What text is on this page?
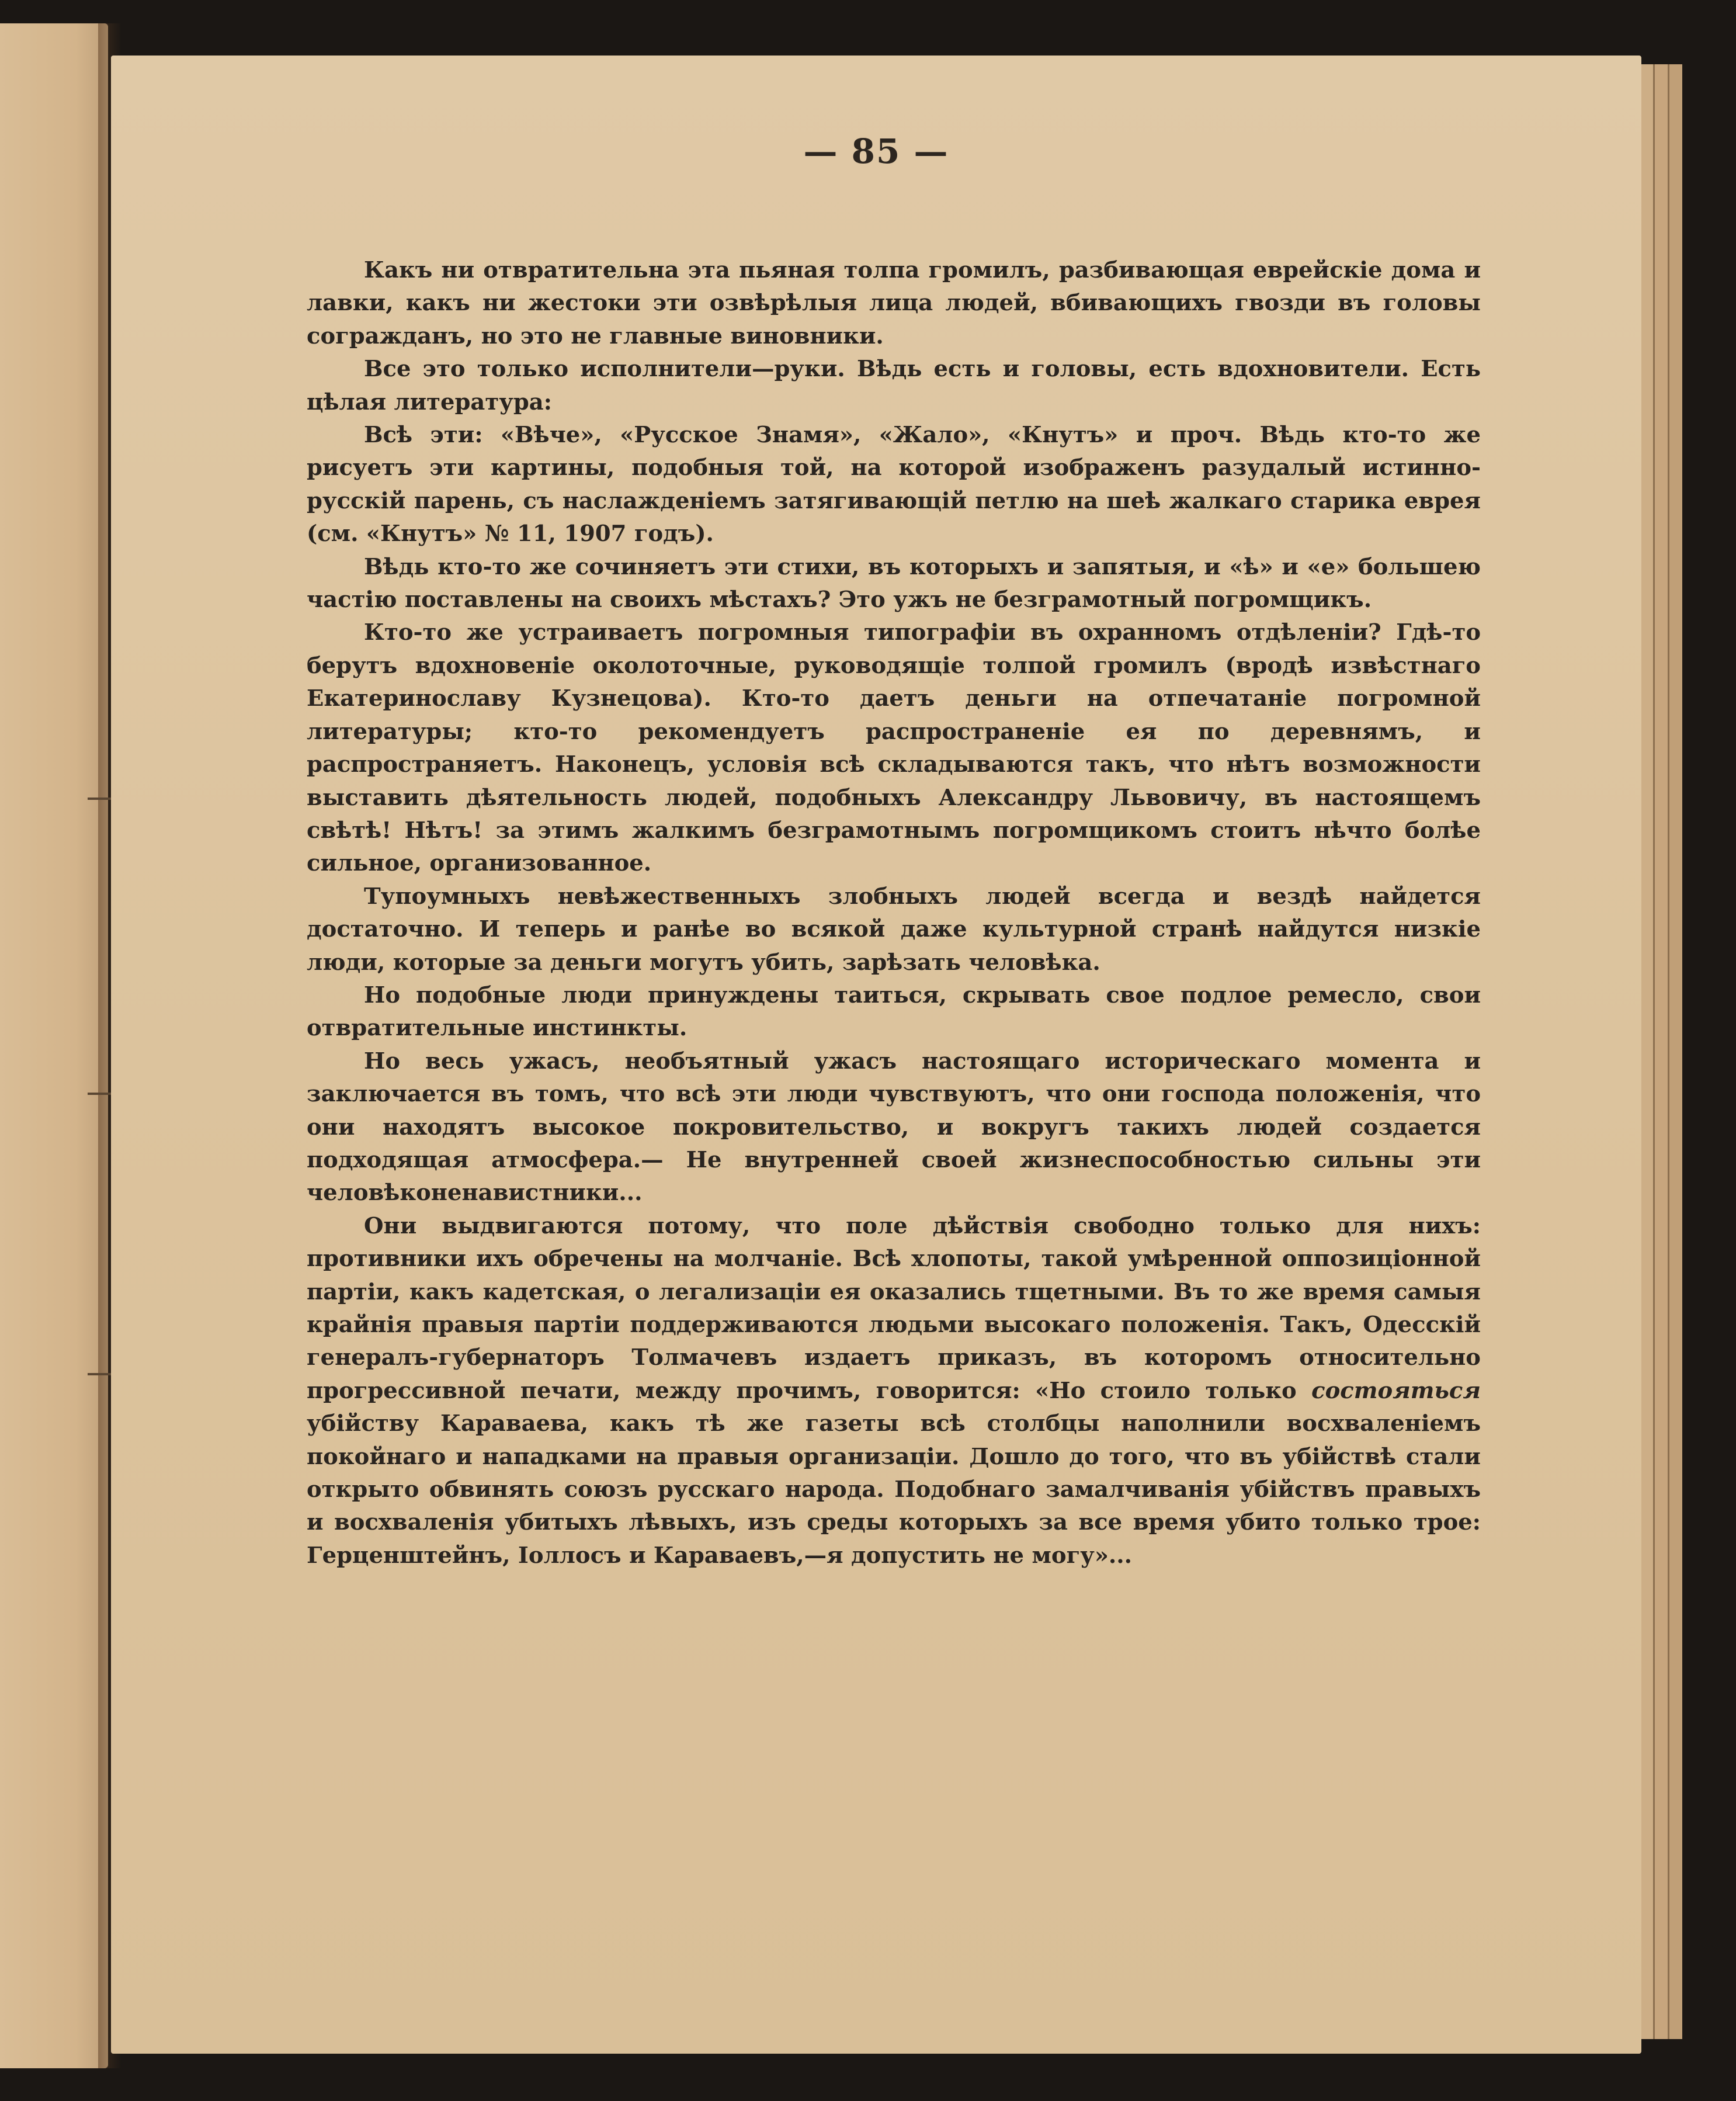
— 85 —

Какъ ни отвратительна эта пьяная толпа громилъ, разбивающая еврейскiе дома и лавки, какъ ни жестоки эти озвѣрѣлыя лица людей, вбивающихъ гвозди въ головы согражданъ, но это не главные виновники.

Все это только исполнители—руки. Вѣдь есть и головы, есть вдохновители. Есть цѣлая литература:

Всѣ эти: «Вѣче», «Русское Знамя», «Жало», «Кнутъ» и проч. Вѣдь кто-то же рисуетъ эти картины, подобныя той, на которой изображенъ разудалый истинно-русскiй парень, съ наслажденiемъ затягивающiй петлю на шеѣ жалкаго старика еврея (см. «Кнутъ» № 11, 1907 годъ).

Вѣдь кто-то же сочиняетъ эти стихи, въ которыхъ и запятыя, и «ѣ» и «е» большею частiю поставлены на своихъ мѣстахъ? Это ужъ не безграмотный погромщикъ.

Кто-то же устраиваетъ погромныя типографiи въ охранномъ отдѣленiи? Гдѣ-то берутъ вдохновенiе околоточные, руководящiе толпой громилъ (вродѣ извѣстнаго Екатеринославу Кузнецова). Кто-то даетъ деньги на отпечатанiе погромной литературы; кто-то рекомендуетъ распространенiе ея по деревнямъ, и распространяетъ. Наконецъ, условiя всѣ складываются такъ, что нѣтъ возможности выставить дѣятельность людей, подобныхъ Александру Львовичу, въ настоящемъ свѣтѣ! Нѣтъ! за этимъ жалкимъ безграмотнымъ погромщикомъ стоитъ нѣчто болѣе сильное, организованное.

Тупоумныхъ невѣжественныхъ злобныхъ людей всегда и вездѣ найдется достаточно. И теперь и ранѣе во всякой даже культурной странѣ найдутся низкiе люди, которые за деньги могутъ убить, зарѣзать человѣка.

Но подобные люди принуждены таиться, скрывать свое подлое ремесло, свои отвратительные инстинкты.

Но весь ужасъ, необъятный ужасъ настоящаго историческаго момента и заключается въ томъ, что всѣ эти люди чувствуютъ, что они господа положенiя, что они находятъ высокое покровительство, и вокругъ такихъ людей создается подходящая атмосфера.— Не внутренней своей жизнеспособностью сильны эти человѣконенавистники...

Они выдвигаются потому, что поле дѣйствiя свободно только для нихъ: противники ихъ обречены на молчанiе. Всѣ хлопоты, такой умѣренной оппозицiонной партiи, какъ кадетская, о легализацiи ея оказались тщетными. Въ то же время самыя крайнiя правыя партiи поддерживаются людьми высокаго положенiя. Такъ, Одесскiй генералъ-губернаторъ Толмачевъ издаетъ приказъ, въ которомъ относительно прогрессивной печати, между прочимъ, говорится: «Но стоило только состояться убiйству Караваева, какъ тѣ же газеты всѣ столбцы наполнили восхваленiемъ покойнаго и нападками на правыя организацiи. Дошло до того, что въ убiйствѣ стали открыто обвинять союзъ русскаго народа. Подобнаго замалчиванiя убiйствъ правыхъ и восхваленiя убитыхъ лѣвыхъ, изъ среды которыхъ за все время убито только трое: Герценштейнъ, Iоллосъ и Караваевъ,—я допустить не могу»...
